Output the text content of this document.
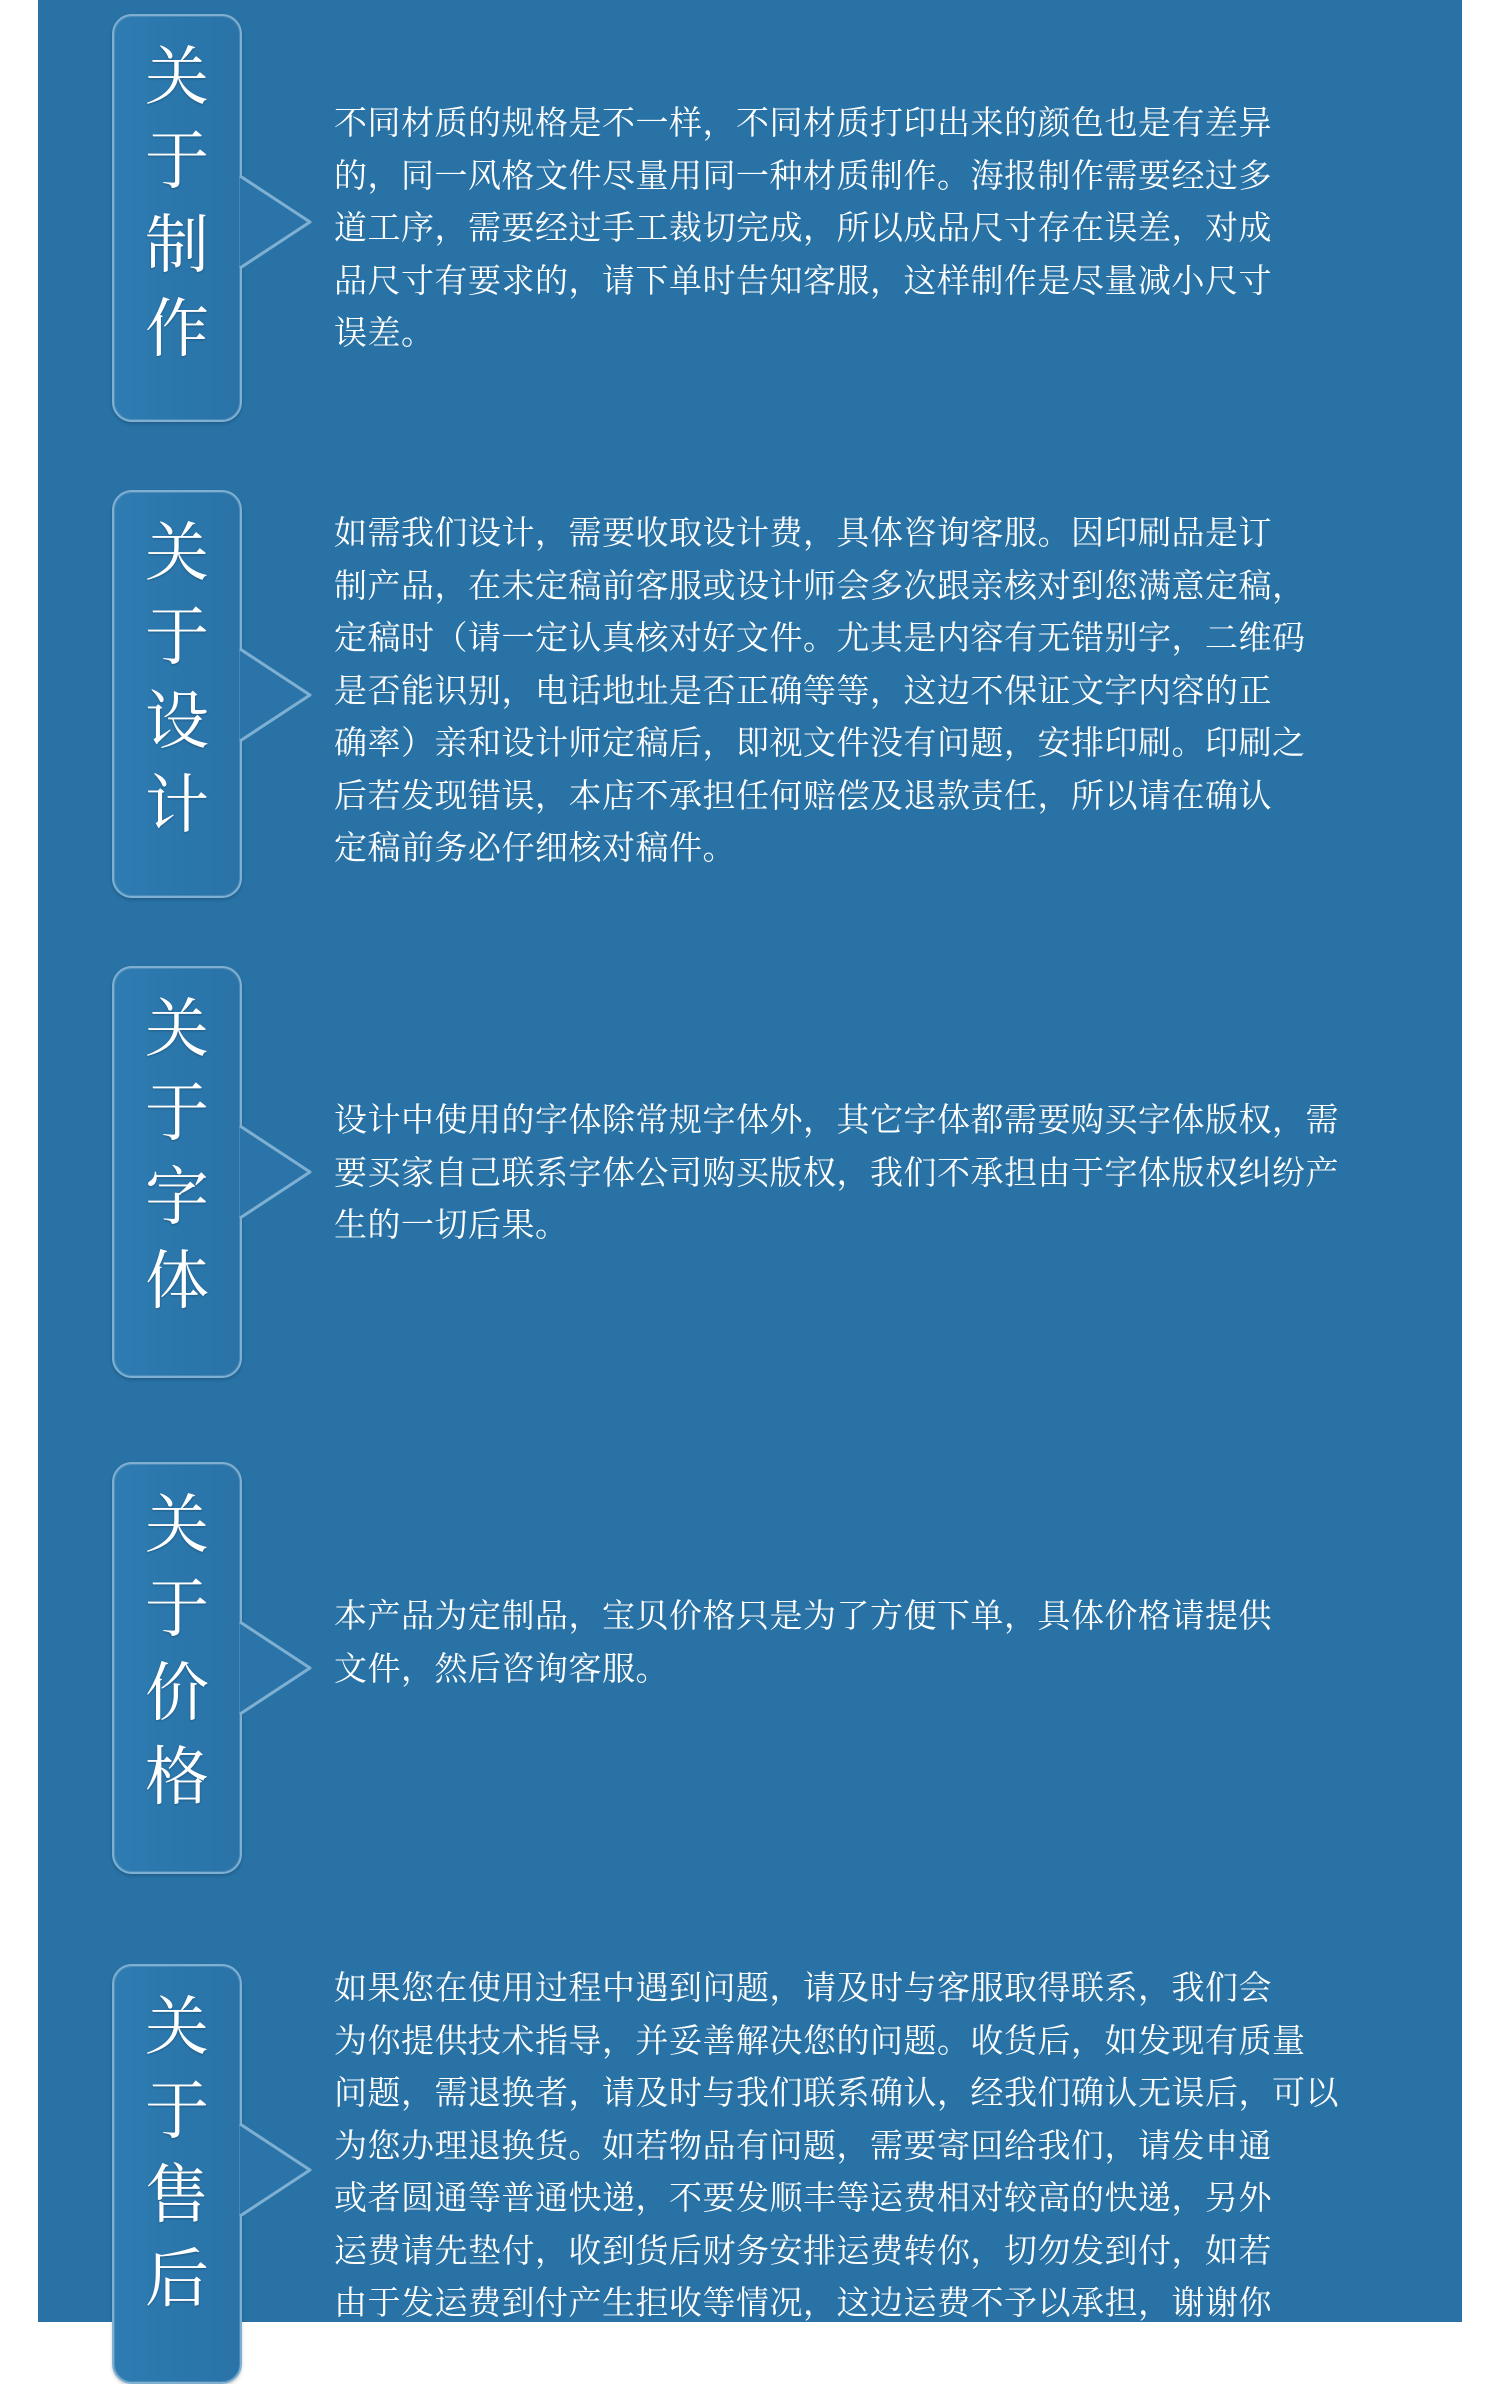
关
于
制
作
不同材质的规格是不一样，不同材质打印出来的颜色也是有差异
的，同一风格文件尽量用同一种材质制作。海报制作需要经过多
道工序，需要经过手工裁切完成，所以成品尺寸存在误差，对成
品尺寸有要求的，请下单时告知客服，这样制作是尽量减小尺寸
误差。
关
于
设
计
如需我们设计，需要收取设计费，具体咨询客服。因印刷品是订
制产品，在未定稿前客服或设计师会多次跟亲核对到您满意定稿，
定稿时（请一定认真核对好文件。尤其是内容有无错别字，二维码
是否能识别，电话地址是否正确等等，这边不保证文字内容的正
确率）亲和设计师定稿后，即视文件没有问题，安排印刷。印刷之
后若发现错误，本店不承担任何赔偿及退款责任，所以请在确认
定稿前务必仔细核对稿件。
关
于
字
体
设计中使用的字体除常规字体外，其它字体都需要购买字体版权，需
要买家自己联系字体公司购买版权，我们不承担由于字体版权纠纷产
生的一切后果。
关
于
价
格
本产品为定制品，宝贝价格只是为了方便下单，具体价格请提供
文件，然后咨询客服。
关
于
售
后
如果您在使用过程中遇到问题，请及时与客服取得联系，我们会
为你提供技术指导，并妥善解决您的问题。收货后，如发现有质量
问题，需退换者，请及时与我们联系确认，经我们确认无误后，可以
为您办理退换货。如若物品有问题，需要寄回给我们，请发申通
或者圆通等普通快递，不要发顺丰等运费相对较高的快递，另外
运费请先垫付，收到货后财务安排运费转你，切勿发到付，如若
由于发运费到付产生拒收等情况，这边运费不予以承担，谢谢你
